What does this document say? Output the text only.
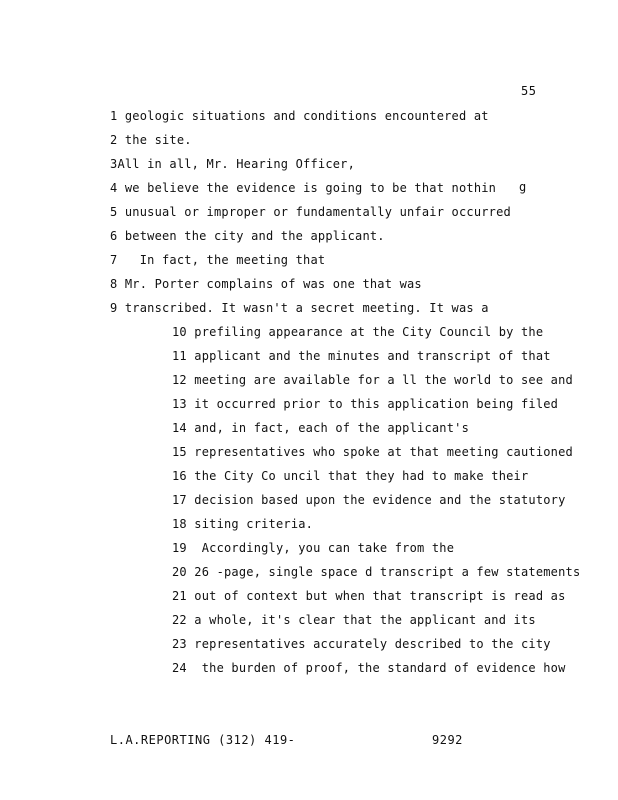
55
1 geologic situations and conditions encountered at
2 the site.
3All in all, Mr. Hearing Officer,
4 we believe the evidence is going to be that nothin
5 unusual or improper or fundamentally unfair occurred
6 between the city and the applicant.
7 In fact, the meeting that
8 Mr. Porter complains of was one that was
9 transcribed. It wasn't a secret meeting. It was a
10 prefiling appearance at the City Council by the
11 applicant and the minutes and transcript of that
12 meeting are available for a ll the world to see and
13 it occurred prior to this application being filed
14 and, in fact, each of the applicant's
15 representatives who spoke at that meeting cautioned
16 the City Co uncil that they had to make their
17 decision based upon the evidence and the statutory
18 siting criteria.
19 Accordingly, you can take from the
20 26 -page, single space d transcript a few statements
21 out of context but when that transcript is read as
22 a whole, it's clear that the applicant and its
23 representatives accurately described to the city
24 the burden of proof, the standard of evidence how
g
L.A.REPORTING (312) 419-	9292
